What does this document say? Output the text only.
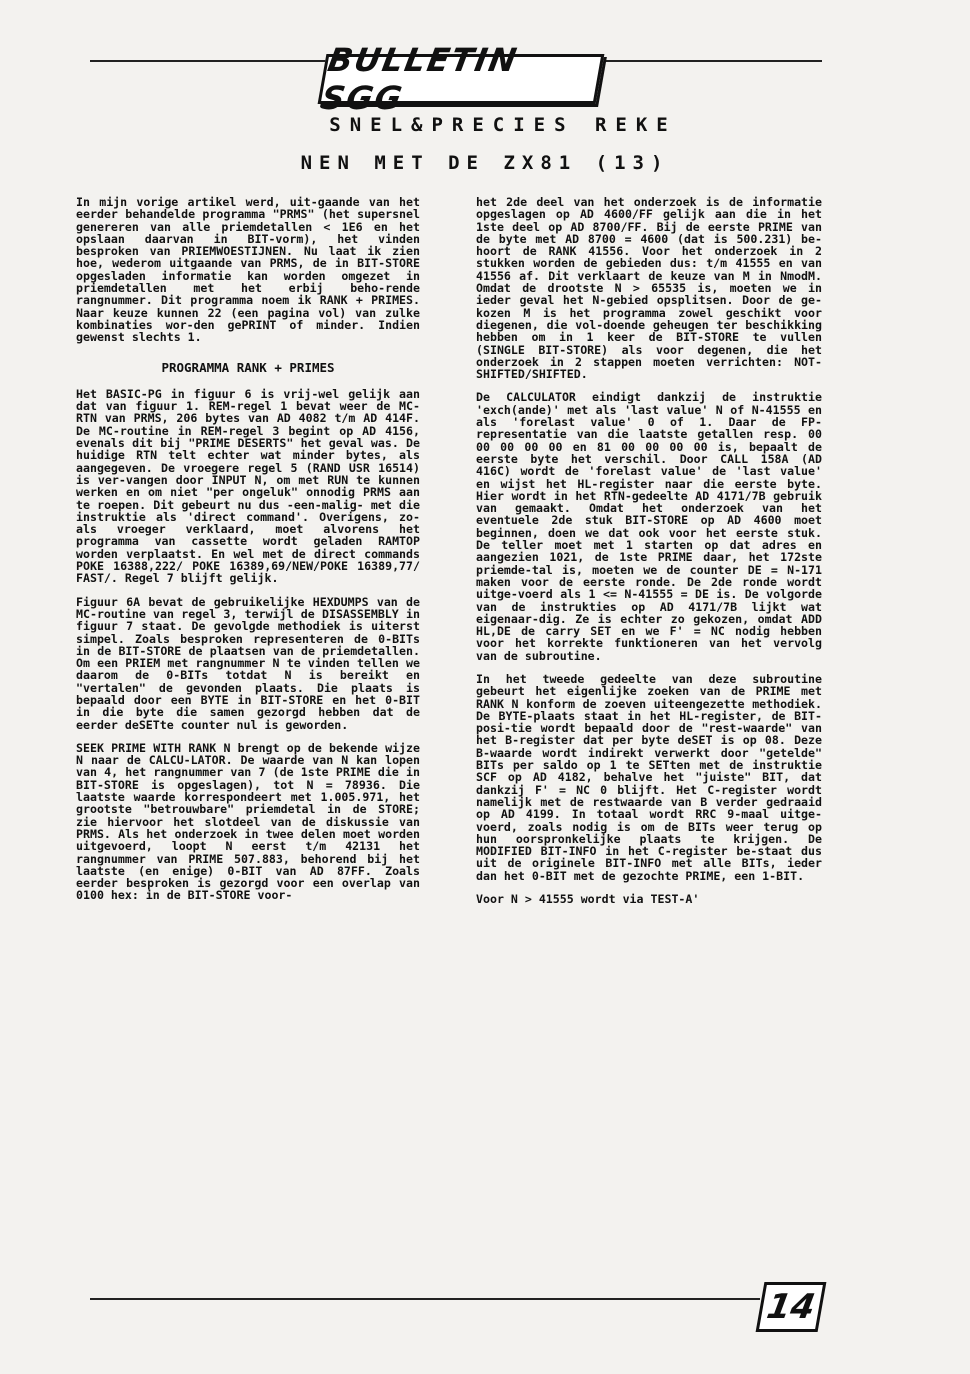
BULLETIN SGG
SNEL&PRECIES REKE
NEN MET DE ZX81 (13)

In mijn vorige artikel werd, uit-gaande van het eerder behandelde programma "PRMS" (het supersnel genereren van alle priemdetallen < 1E6 en het opslaan daarvan in BIT-vorm), het vinden besproken van PRIEMWOESTIJNEN. Nu laat ik zien hoe, wederom uitgaande van PRMS, de in BIT-STORE opgesladen informatie kan worden omgezet in priemdetallen met het erbij beho-rende rangnummer. Dit programma noem ik RANK + PRIMES. Naar keuze kunnen 22 (een pagina vol) van zulke kombinaties wor-den gePRINT of minder. Indien gewenst slechts 1.

PROGRAMMA RANK + PRIMES

Het BASIC-PG in figuur 6 is vrij-wel gelijk aan dat van figuur 1. REM-regel 1 bevat weer de MC-RTN van PRMS, 206 bytes van AD 4082 t/m AD 414F. De MC-routine in REM-regel 3 begint op AD 4156, evenals dit bij "PRIME DESERTS" het geval was. De huidige RTN telt echter wat minder bytes, als aangegeven. De vroegere regel 5 (RAND USR 16514) is ver-vangen door INPUT N, om met RUN te kunnen werken en om niet "per ongeluk" onnodig PRMS aan te roepen. Dit gebeurt nu dus -een-malig- met die instruktie als 'direct command'. Overigens, zo-als vroeger verklaard, moet alvorens het programma van cassette wordt geladen RAMTOP worden verplaatst. En wel met de direct commands POKE 16388,222/ POKE 16389,69/NEW/POKE 16389,77/ FAST/. Regel 7 blijft gelijk.

Figuur 6A bevat de gebruikelijke HEXDUMPS van de MC-routine van regel 3, terwijl de DISASSEMBLY in figuur 7 staat. De gevolgde methodiek is uiterst simpel. Zoals besproken representeren de 0-BITs in de BIT-STORE de plaatsen van de priemdetallen. Om een PRIEM met rangnummer N te vinden tellen we daarom de 0-BITs totdat N is bereikt en "vertalen" de gevonden plaats. Die plaats is bepaald door een BYTE in BIT-STORE en het 0-BIT in die byte die samen gezorgd hebben dat de eerder deSETte counter nul is geworden.

SEEK PRIME WITH RANK N brengt op de bekende wijze N naar de CALCU-LATOR. De waarde van N kan lopen van 4, het rangnummer van 7 (de 1ste PRIME die in BIT-STORE is opgeslagen), tot N = 78936. Die laatste waarde korrespondeert met 1.005.971, het grootste "betrouwbare" priemdetal in de STORE; zie hiervoor het slotdeel van de diskussie van PRMS. Als het onderzoek in twee delen moet worden uitgevoerd, loopt N eerst t/m 42131 het rangnummer van PRIME 507.883, behorend bij het laatste (en enige) 0-BIT van AD 87FF. Zoals eerder besproken is gezorgd voor een overlap van 0100 hex: in de BIT-STORE voor-

het 2de deel van het onderzoek is de informatie opgeslagen op AD 4600/FF gelijk aan die in het 1ste deel op AD 8700/FF. Bij de eerste PRIME van de byte met AD 8700 = 4600 (dat is 500.231) be-hoort de RANK 41556. Voor het onderzoek in 2 stukken worden de gebieden dus: t/m 41555 en van 41556 af. Dit verklaart de keuze van M in NmodM. Omdat de drootste N > 65535 is, moeten we in ieder geval het N-gebied opsplitsen. Door de ge-kozen M is het programma zowel geschikt voor diegenen, die vol-doende geheugen ter beschikking hebben om in 1 keer de BIT-STORE te vullen (SINGLE BIT-STORE) als voor degenen, die het onderzoek in 2 stappen moeten verrichten: NOT-SHIFTED/SHIFTED.

De CALCULATOR eindigt dankzij de instruktie 'exch(ande)' met als 'last value' N of N-41555 en als 'forelast value' 0 of 1. Daar de FP-representatie van die laatste getallen resp. 00 00 00 00 00 en 81 00 00 00 00 is, bepaalt de eerste byte het verschil. Door CALL 158A (AD 416C) wordt de 'forelast value' de 'last value' en wijst het HL-register naar die eerste byte. Hier wordt in het RTN-gedeelte AD 4171/7B gebruik van gemaakt. Omdat het onderzoek van het eventuele 2de stuk BIT-STORE op AD 4600 moet beginnen, doen we dat ook voor het eerste stuk. De teller moet met 1 starten op dat adres en aangezien 1021, de 1ste PRIME daar, het 172ste priemde-tal is, moeten we de counter DE = N-171 maken voor de eerste ronde. De 2de ronde wordt uitge-voerd als 1 <= N-41555 = DE is. De volgorde van de instrukties op AD 4171/7B lijkt wat eigenaar-dig. Ze is echter zo gekozen, omdat ADD HL,DE de carry SET en we F' = NC nodig hebben voor het korrekte funktioneren van het vervolg van de subroutine.

In het tweede gedeelte van deze subroutine gebeurt het eigenlijke zoeken van de PRIME met RANK N konform de zoeven uiteengezette methodiek. De BYTE-plaats staat in het HL-register, de BIT-posi-tie wordt bepaald door de "rest-waarde" van het B-register dat per byte deSET is op 08. Deze B-waarde wordt indirekt verwerkt door "getelde" BITs per saldo op 1 te SETten met de instruktie SCF op AD 4182, behalve het "juiste" BIT, dat dankzij F' = NC 0 blijft. Het C-register wordt namelijk met de restwaarde van B verder gedraaid op AD 4199. In totaal wordt RRC 9-maal uitge-voerd, zoals nodig is om de BITs weer terug op hun oorspronkelijke plaats te krijgen. De MODIFIED BIT-INFO in het C-register be-staat dus uit de originele BIT-INFO met alle BITs, ieder dan het 0-BIT met de gezochte PRIME, een 1-BIT.

Voor N > 41555 wordt via TEST-A'

14
